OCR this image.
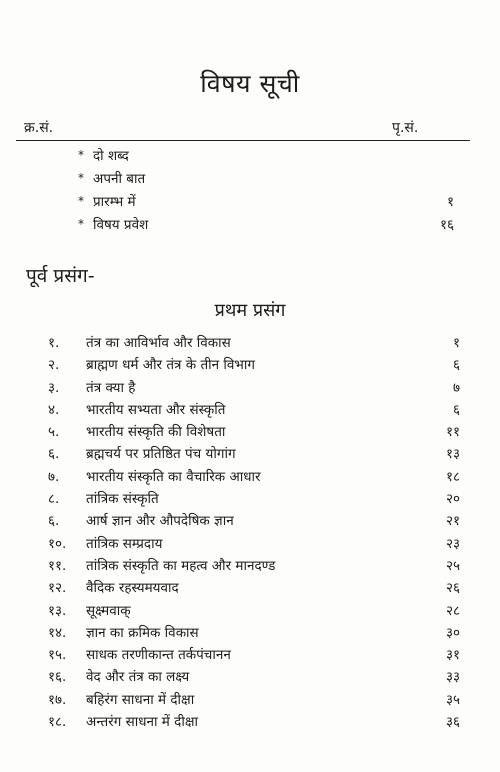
विषय सूची
क्र.सं.	पृ.सं.
* दो शब्द
* अपनी बात
* प्रारम्भ में	१
* विषय प्रवेश	१६
पूर्व प्रसंग-
प्रथम प्रसंग
१. तंत्र का आविर्भाव और विकास	१
२. ब्राह्मण धर्म और तंत्र के तीन विभाग	६
३. तंत्र क्या है	७
४. भारतीय सभ्यता और संस्कृति	६
५. भारतीय संस्कृति की विशेषता	११
६. ब्रह्मचर्य पर प्रतिष्ठित पंच योगांग	१३
७. भारतीय संस्कृति का वैचारिक आधार	१८
८. तांत्रिक संस्कृति	२०
६. आर्ष ज्ञान और औपदेषिक ज्ञान	२१
१०. तांत्रिक सम्प्रदाय	२३
११. तांत्रिक संस्कृति का महत्व और मानदण्ड	२५
१२. वैदिक रहस्यमयवाद	२६
१३. सूक्ष्मवाक्	२८
१४. ज्ञान का क्रमिक विकास	३०
१५. साधक तरणीकान्त तर्कपंचानन	३१
१६. वेद और तंत्र का लक्ष्य	३३
१७. बहिरंग साधना में दीक्षा	३५
१८. अन्तरंग साधना में दीक्षा	३६
